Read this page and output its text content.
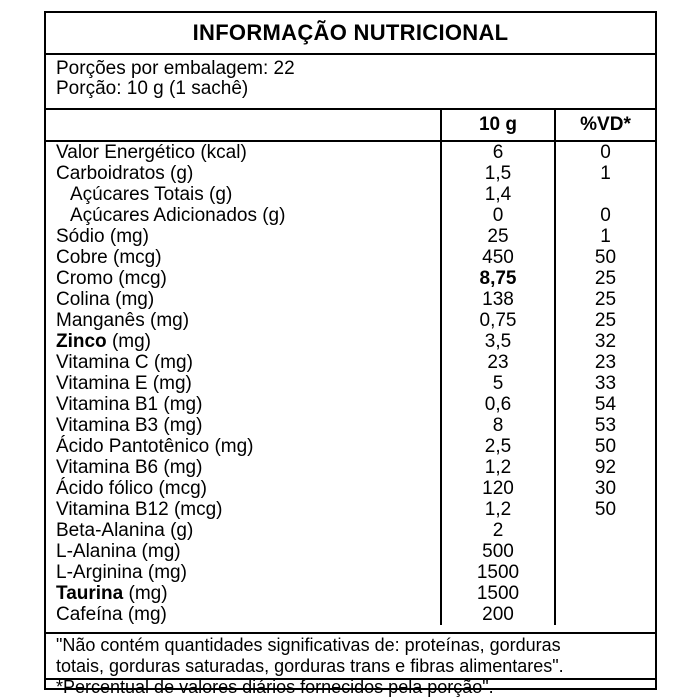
INFORMAÇÃO NUTRICIONAL
Porções por embalagem: 22
Porção: 10 g (1 sachê)
	10 g	%VD*
Valor Energético (kcal)	6	0
Carboidratos (g)	1,5	1
Açúcares Totais (g)	1,4	
Açúcares Adicionados (g)	0	0
Sódio (mg)	25	1
Cobre (mcg)	450	50
Cromo (mcg)	8,75	25
Colina (mg)	138	25
Manganês (mg)	0,75	25
Zinco (mg)	3,5	32
Vitamina C (mg)	23	23
Vitamina E (mg)	5	33
Vitamina B1 (mg)	0,6	54
Vitamina B3 (mg)	8	53
Ácido Pantotênico (mg)	2,5	50
Vitamina B6 (mg)	1,2	92
Ácido fólico (mcg)	120	30
Vitamina B12 (mcg)	1,2	50
Beta-Alanina (g)	2	
L-Alanina (mg)	500	
L-Arginina (mg)	1500	
Taurina (mg)	1500	
Cafeína (mg)	200	
"Não contém quantidades significativas de: proteínas, gorduras
totais, gorduras saturadas, gorduras trans e fibras alimentares".
*Percentual de valores diários fornecidos pela porção".
